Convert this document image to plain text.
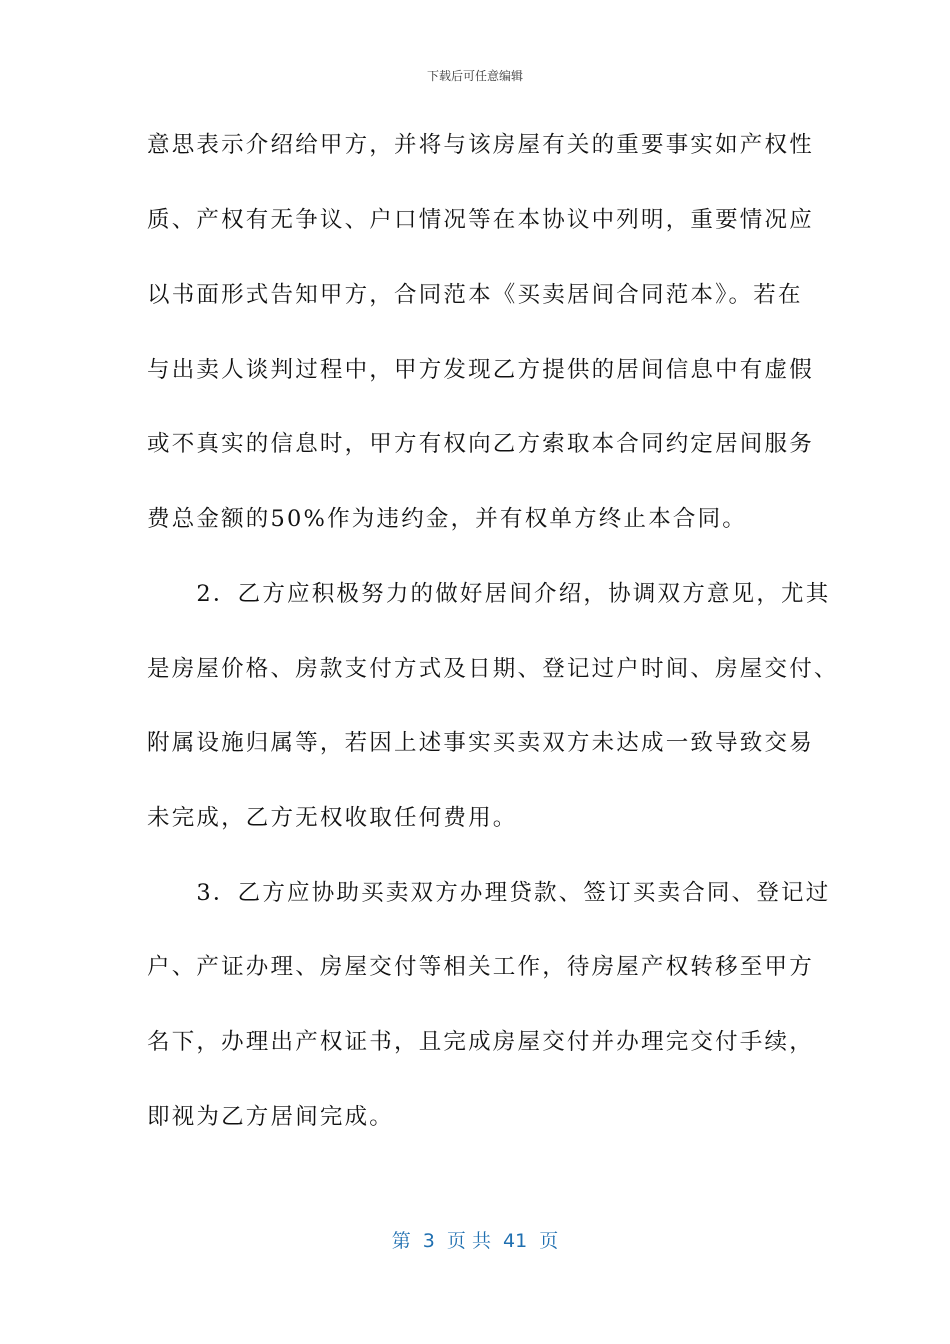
下载后可任意编辑
意思表示介绍给甲方，并将与该房屋有关的重要事实如产权性
质、产权有无争议、户口情况等在本协议中列明，重要情况应
以书面形式告知甲方，合同范本《买卖居间合同范本》。若在
与出卖人谈判过程中，甲方发现乙方提供的居间信息中有虚假
或不真实的信息时，甲方有权向乙方索取本合同约定居间服务
费总金额的50%作为违约金，并有权单方终止本合同。
　　2．乙方应积极努力的做好居间介绍，协调双方意见，尤其
是房屋价格、房款支付方式及日期、登记过户时间、房屋交付、
附属设施归属等，若因上述事实买卖双方未达成一致导致交易
未完成，乙方无权收取任何费用。
　　3．乙方应协助买卖双方办理贷款、签订买卖合同、登记过
户、产证办理、房屋交付等相关工作，待房屋产权转移至甲方
名下，办理出产权证书，且完成房屋交付并办理完交付手续，
即视为乙方居间完成。
第  3  页 共  41  页
